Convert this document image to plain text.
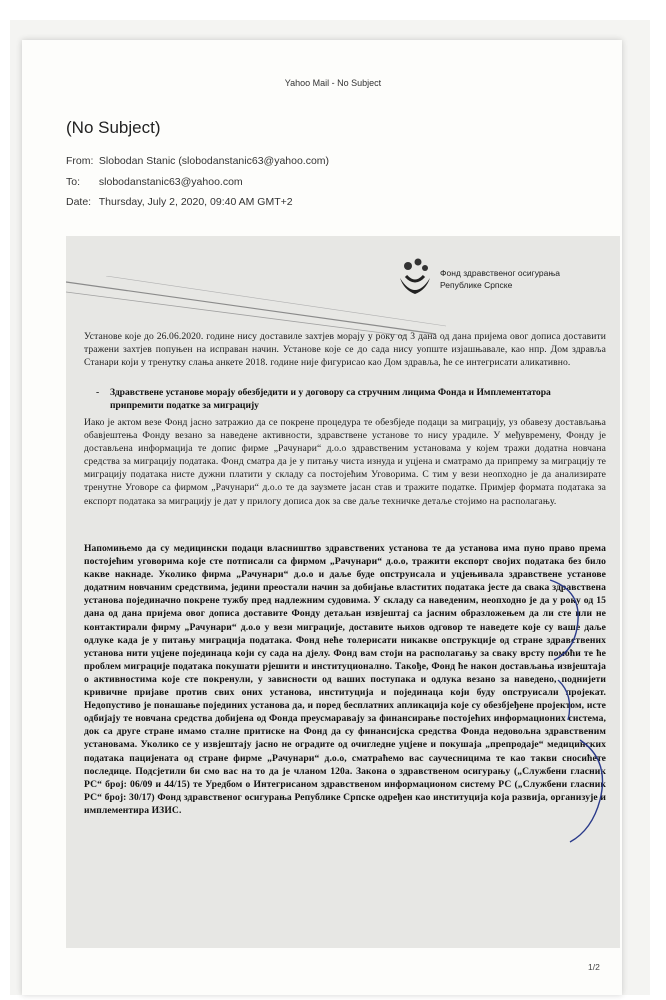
Yahoo Mail - No Subject
(No Subject)
From: Slobodan Stanic (slobodanstanic63@yahoo.com)
To: slobodanstanic63@yahoo.com
Date: Thursday, July 2, 2020, 09:40 AM GMT+2
Фонд здравственог осигурања
Републике Српске
Установе које до 26.06.2020. године нису доставиле захтјев морају у року од 3 дана од дана пријема овог дописа доставити тражени захтјев попуњен на исправан начин. Установе које се до сада нису уопште изјашњавале, као нпр. Дом здравља Станари који у тренутку слања анкете 2018. године није фигурисао као Дом здравља, ће се интегрисати аликативно.
- Здравствене установе морају обезбједити и у договору са стручним лицима Фонда и Имплементатора припремити податке за миграцију
Иако је актом вeзe Фонд јасно затражио да се покрене процедура те обезбједе подаци за миграцију, уз обавезу достављања обавјештења Фонду везано за наведене активности, здравствене установе то нису урадиле. У међувремену, Фонду је достављена информација те допис фирме „Рачунари“ д.о.о здравственим установама у којем тражи додатна новчана средства за миграцију података. Фонд сматра да је у питању чиста изнуда и уцјена и сматрамо да припрему за миграцију те миграцију података нисте дужни платити у складу са постојећим Уговорима. С тим у вези неопходно је да анализирате тренутне Уговоре са фирмом „Рачунари“ д.о.о те да заузмете јасан став и тражите податке. Примјер формата података за експорт података за миграцију је дат у прилогу дописа док за све даље техничке детаље стојимо на располагању.
Напомињемо да су медицински подаци власништво здравствених установа те да установа има пуно право према постојећим уговорима које сте потписали са фирмом „Рачунари“ д.о.о, тражити експорт својих података без било какве накнаде. Уколико фирма „Рачунари“ д.о.о и даље буде опструисала и уцјењивала здравствене установе додатним новчаним средствима, једини преостали начин за добијање властитих података јесте да свака здравствена установа појединачно покрене тужбу пред надлежним судовима. У складу са наведеним, неопходно је да у року од 15 дана од дана пријема овог дописа доставите Фонду детаљан извјештај са јасним образложењем да ли сте или не контактирали фирму „Рачунари“ д.о.о у вези миграције, доставите њихов одговор те наведете које су ваше даље одлуке када је у питању миграција података. Фонд неће толерисати никакве опструкције од стране здравствених установа нити уцјене појединаца који су сада на дјелу. Фонд вам стоји на располагању за сваку врсту помоћи те ће проблем миграције података покушати рјешити и институционално. Такође, Фонд ће након достављања извјештаја о активностима које сте покренули, у зависности од ваших поступака и одлука везано за наведено, поднијети кривичне пријаве против свих оних установа, институција и појединаца који буду опструисали пројекат. Недопустиво је понашање појединих установа да, и поред бесплатних апликација које су обезбјеђене пројектом, исте одбијају те новчана средства добијена од Фонда преусмаравају за финансирање постојећих информационих система, док са друге стране имамо сталне притиске на Фонд да су финансијска средства Фонда недовољна здравственим установама. Уколико се у извјештају јасно не оградите од очигледне уцјене и покушаја „препродаје“ медицинских података пацијената од стране фирме „Рачунари“ д.о.о, сматраћемо вас саучесницима те као такви сносићете последице. Подсјетили би смо вас на то да је чланом 120а. Закона о здравственом осигурању („Службени гласник РС“ број: 06/09 и 44/15) те Уредбом о Интегрисаном здравственом информационом систему РС („Службени гласник РС“ број: 30/17) Фонд здравственог осигурања Републике Српске одређен као институција која развија, организује и имплементира ИЗИС.
1/2
